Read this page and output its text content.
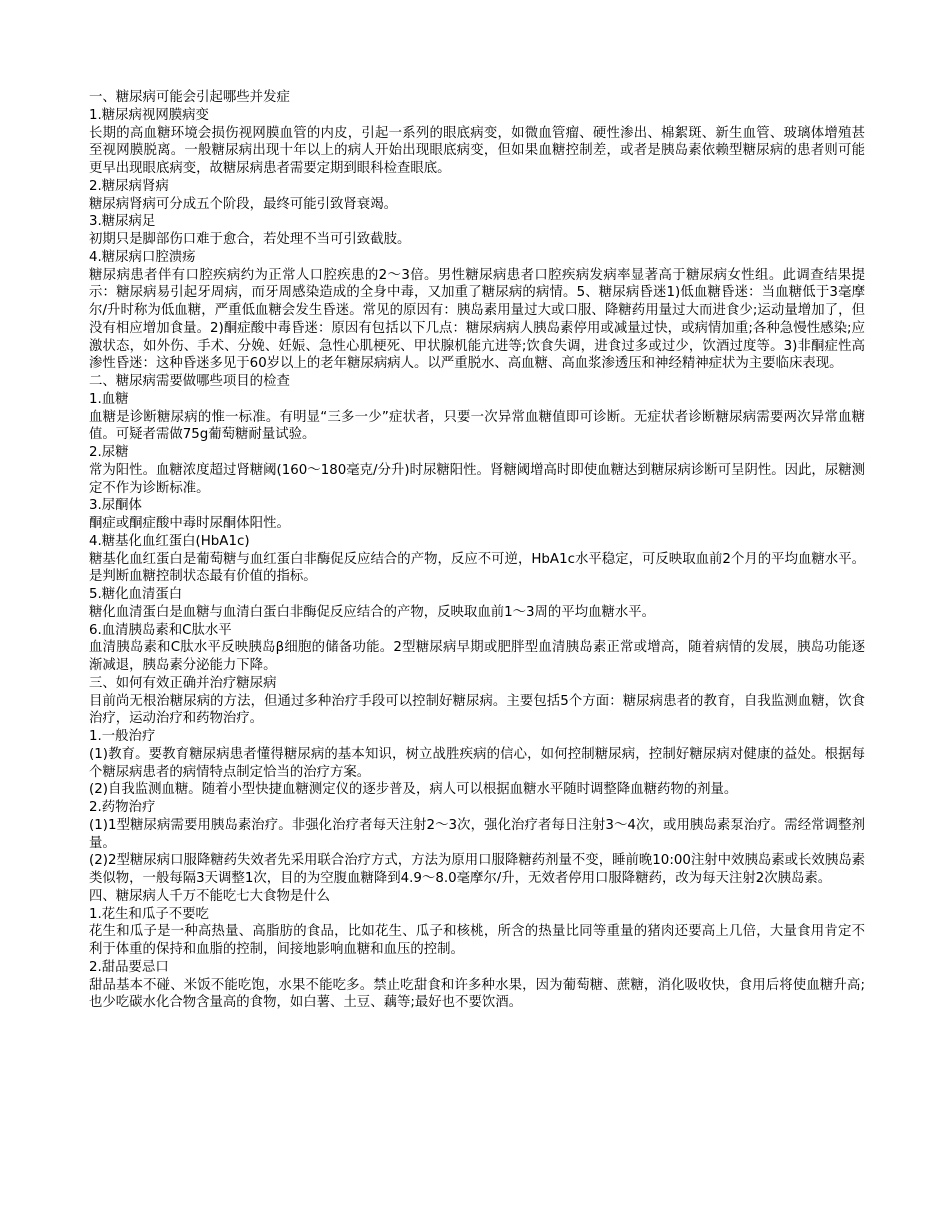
一、糖尿病可能会引起哪些并发症

1.糖尿病视网膜病变

长期的高血糖环境会损伤视网膜血管的内皮，引起一系列的眼底病变，如微血管瘤、硬性渗出、棉絮斑、新生血管、玻璃体增殖甚至视网膜脱离。一般糖尿病出现十年以上的病人开始出现眼底病变，但如果血糖控制差，或者是胰岛素依赖型糖尿病的患者则可能更早出现眼底病变，故糖尿病患者需要定期到眼科检查眼底。

2.糖尿病肾病

糖尿病肾病可分成五个阶段，最终可能引致肾衰竭。

3.糖尿病足

初期只是脚部伤口难于愈合，若处理不当可引致截肢。

4.糖尿病口腔溃疡

糖尿病患者伴有口腔疾病约为正常人口腔疾患的2～3倍。男性糖尿病患者口腔疾病发病率显著高于糖尿病女性组。此调查结果提示：糖尿病易引起牙周病，而牙周感染造成的全身中毒，又加重了糖尿病的病情。5、糖尿病昏迷1)低血糖昏迷：当血糖低于3毫摩尔/升时称为低血糖，严重低血糖会发生昏迷。常见的原因有：胰岛素用量过大或口服、降糖药用量过大而进食少;运动量增加了，但没有相应增加食量。2)酮症酸中毒昏迷：原因有包括以下几点：糖尿病病人胰岛素停用或减量过快，或病情加重;各种急慢性感染;应激状态，如外伤、手术、分娩、妊娠、急性心肌梗死、甲状腺机能亢进等;饮食失调，进食过多或过少，饮酒过度等。3)非酮症性高渗性昏迷：这种昏迷多见于60岁以上的老年糖尿病病人。以严重脱水、高血糖、高血浆渗透压和神经精神症状为主要临床表现。

二、糖尿病需要做哪些项目的检查

1.血糖

血糖是诊断糖尿病的惟一标准。有明显“三多一少”症状者，只要一次异常血糖值即可诊断。无症状者诊断糖尿病需要两次异常血糖值。可疑者需做75g葡萄糖耐量试验。

2.尿糖

常为阳性。血糖浓度超过肾糖阈(160～180毫克/分升)时尿糖阳性。肾糖阈增高时即使血糖达到糖尿病诊断可呈阴性。因此，尿糖测定不作为诊断标准。

3.尿酮体

酮症或酮症酸中毒时尿酮体阳性。

4.糖基化血红蛋白(HbA1c)

糖基化血红蛋白是葡萄糖与血红蛋白非酶促反应结合的产物，反应不可逆，HbA1c水平稳定，可反映取血前2个月的平均血糖水平。是判断血糖控制状态最有价值的指标。

5.糖化血清蛋白

糖化血清蛋白是血糖与血清白蛋白非酶促反应结合的产物，反映取血前1～3周的平均血糖水平。

6.血清胰岛素和C肽水平

血清胰岛素和C肽水平反映胰岛β细胞的储备功能。2型糖尿病早期或肥胖型血清胰岛素正常或增高，随着病情的发展，胰岛功能逐渐减退，胰岛素分泌能力下降。

三、如何有效正确并治疗糖尿病

目前尚无根治糖尿病的方法，但通过多种治疗手段可以控制好糖尿病。主要包括5个方面：糖尿病患者的教育，自我监测血糖，饮食治疗，运动治疗和药物治疗。

1.一般治疗

(1)教育。要教育糖尿病患者懂得糖尿病的基本知识，树立战胜疾病的信心，如何控制糖尿病，控制好糖尿病对健康的益处。根据每个糖尿病患者的病情特点制定恰当的治疗方案。

(2)自我监测血糖。随着小型快捷血糖测定仪的逐步普及，病人可以根据血糖水平随时调整降血糖药物的剂量。

2.药物治疗

(1)1型糖尿病需要用胰岛素治疗。非强化治疗者每天注射2～3次，强化治疗者每日注射3～4次，或用胰岛素泵治疗。需经常调整剂量。

(2)2型糖尿病口服降糖药失效者先采用联合治疗方式，方法为原用口服降糖药剂量不变，睡前晚10:00注射中效胰岛素或长效胰岛素类似物，一般每隔3天调整1次，目的为空腹血糖降到4.9～8.0毫摩尔/升，无效者停用口服降糖药，改为每天注射2次胰岛素。

四、糖尿病人千万不能吃七大食物是什么

1.花生和瓜子不要吃

花生和瓜子是一种高热量、高脂肪的食品，比如花生、瓜子和核桃，所含的热量比同等重量的猪肉还要高上几倍，大量食用肯定不利于体重的保持和血脂的控制，间接地影响血糖和血压的控制。

2.甜品要忌口

甜品基本不碰、米饭不能吃饱，水果不能吃多。禁止吃甜食和许多种水果，因为葡萄糖、蔗糖，消化吸收快，食用后将使血糖升高;也少吃碳水化合物含量高的食物，如白薯、土豆、藕等;最好也不要饮酒。
